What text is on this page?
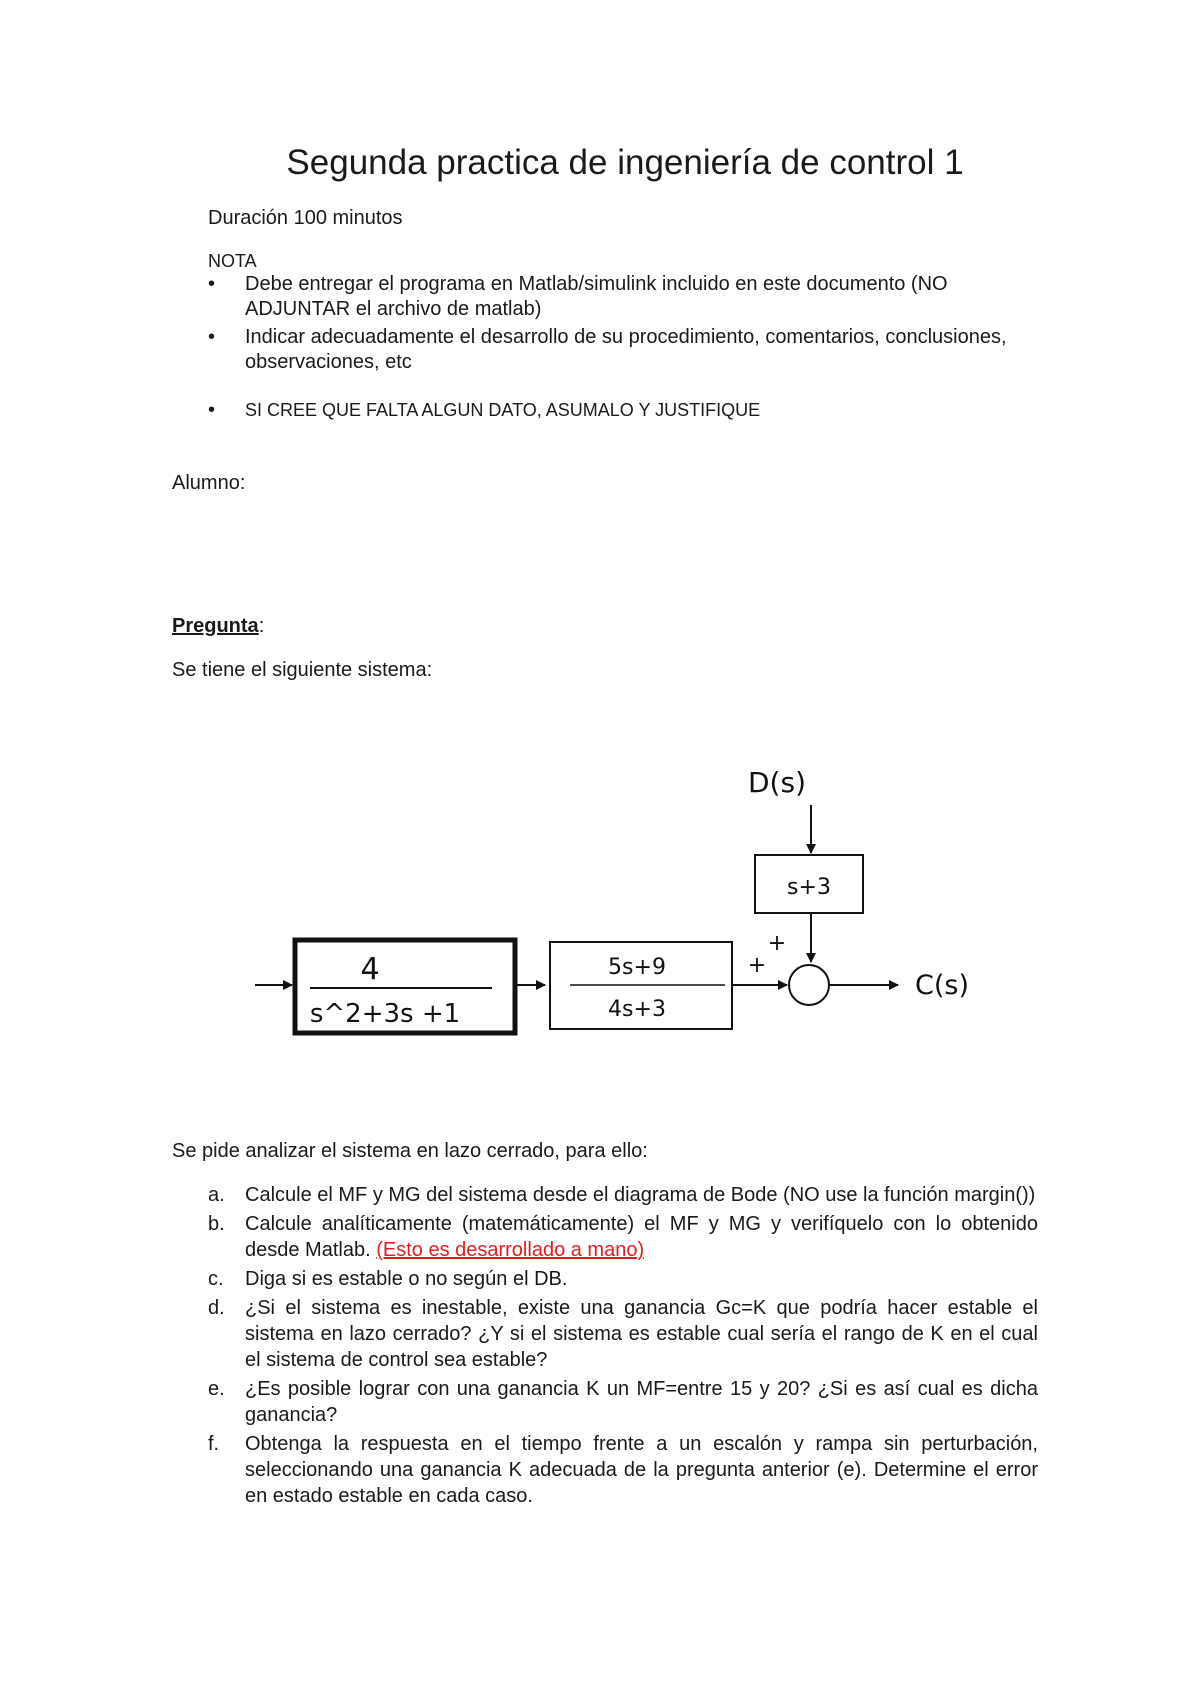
Segunda practica de ingeniería de control 1

Duración 100 minutos

NOTA

• Debe entregar el programa en Matlab/simulink incluido en este documento (NO ADJUNTAR el archivo de matlab)
• Indicar adecuadamente el desarrollo de su procedimiento, comentarios, conclusiones, observaciones, etc
• SI CREE QUE FALTA ALGUN DATO, ASUMALO Y JUSTIFIQUE

Alumno:

Pregunta:

Se tiene el siguiente sistema:

D(s)
s+3
4
s^2+3s +1
5s+9
4s+3
+
+
C(s)

Se pide analizar el sistema en lazo cerrado, para ello:

a. Calcule el MF y MG del sistema desde el diagrama de Bode (NO use la función margin())
b. Calcule analíticamente (matemáticamente) el MF y MG y verifíquelo con lo obtenido desde Matlab. (Esto es desarrollado a mano)
c. Diga si es estable o no según el DB.
d. ¿Si el sistema es inestable, existe una ganancia Gc=K que podría hacer estable el sistema en lazo cerrado? ¿Y si el sistema es estable cual sería el rango de K en el cual el sistema de control sea estable?
e. ¿Es posible lograr con una ganancia K un MF=entre 15 y 20? ¿Si es así cual es dicha ganancia?
f. Obtenga la respuesta en el tiempo frente a un escalón y rampa sin perturbación, seleccionando una ganancia K adecuada de la pregunta anterior (e). Determine el error en estado estable en cada caso.
